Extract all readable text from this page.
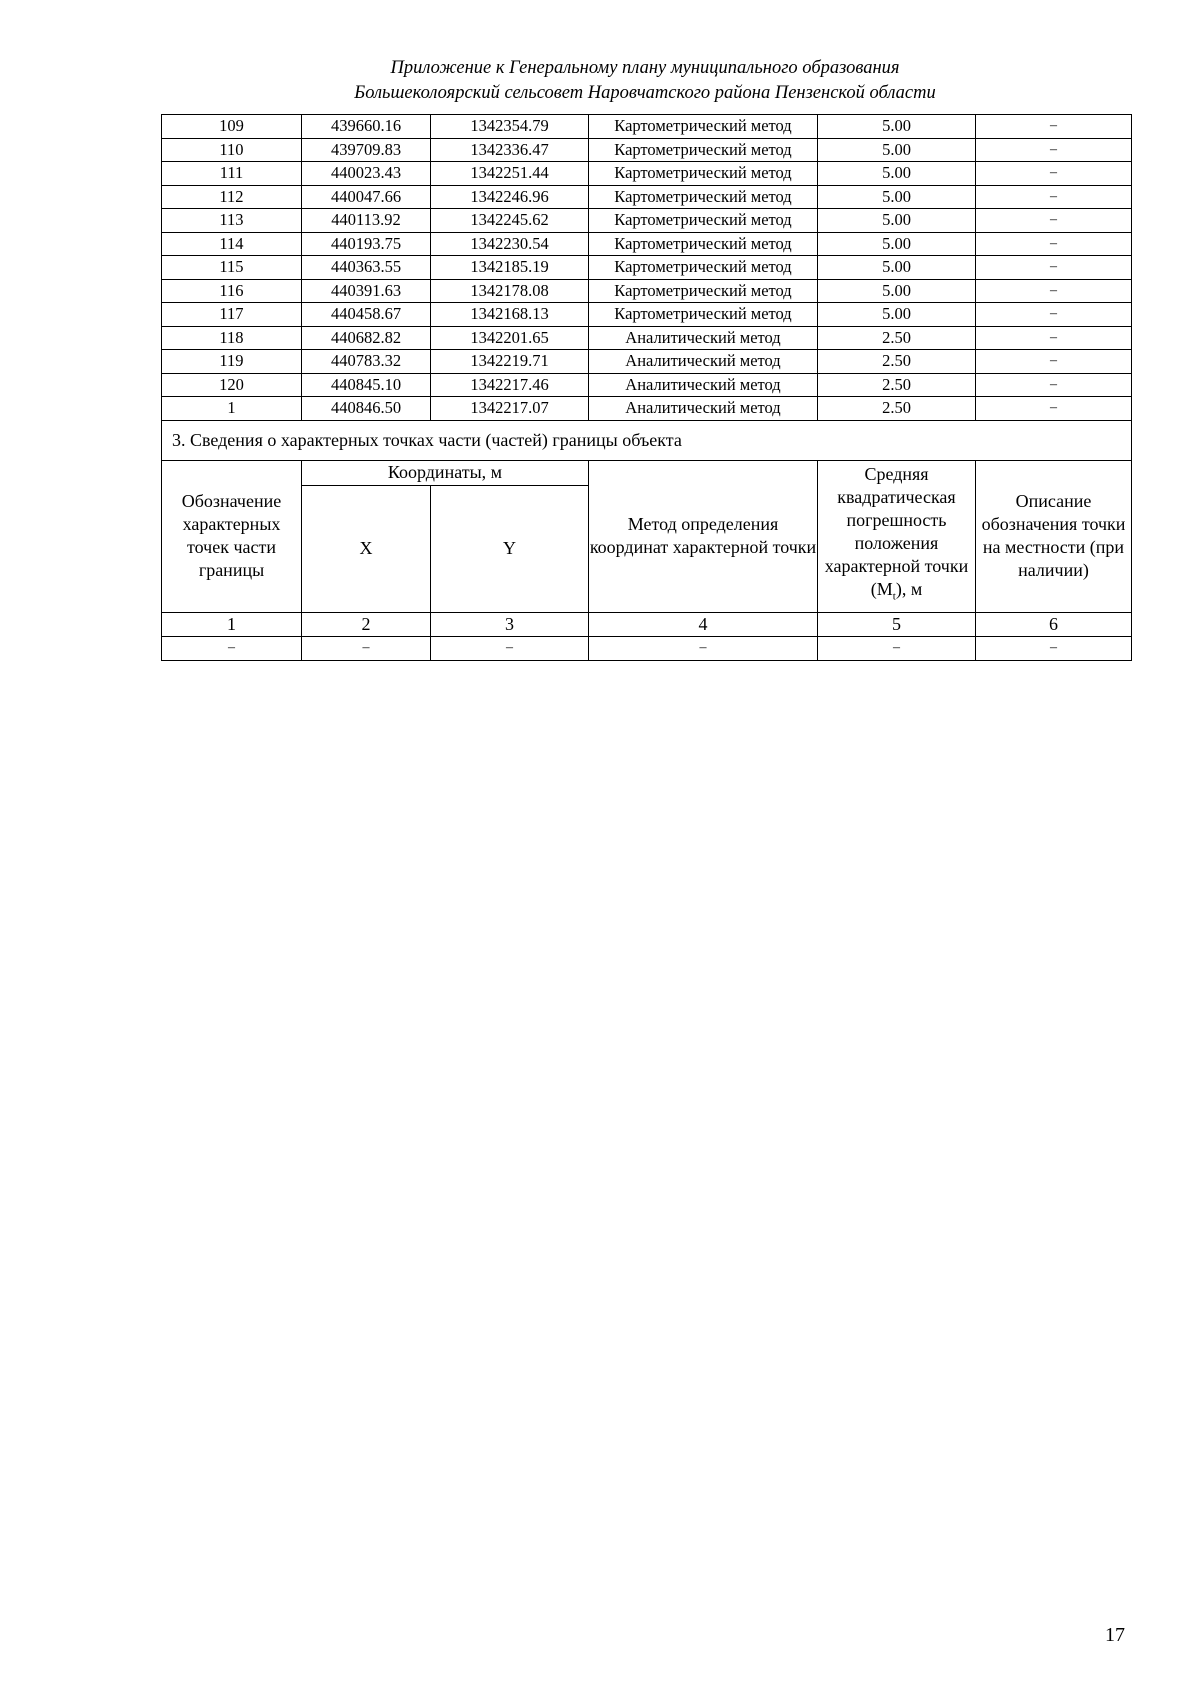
Приложение к Генеральному плану муниципального образования
Большеколоярский сельсовет Наровчатского района Пензенской области
109	439660.16	1342354.79	Картометрический метод	5.00	–
110	439709.83	1342336.47	Картометрический метод	5.00	–
111	440023.43	1342251.44	Картометрический метод	5.00	–
112	440047.66	1342246.96	Картометрический метод	5.00	–
113	440113.92	1342245.62	Картометрический метод	5.00	–
114	440193.75	1342230.54	Картометрический метод	5.00	–
115	440363.55	1342185.19	Картометрический метод	5.00	–
116	440391.63	1342178.08	Картометрический метод	5.00	–
117	440458.67	1342168.13	Картометрический метод	5.00	–
118	440682.82	1342201.65	Аналитический метод	2.50	–
119	440783.32	1342219.71	Аналитический метод	2.50	–
120	440845.10	1342217.46	Аналитический метод	2.50	–
1	440846.50	1342217.07	Аналитический метод	2.50	–
3. Сведения о характерных точках части (частей) границы объекта					
Обозначение характерных точек части границы	Координаты, м		Метод определения координат характерной точки	Средняя квадратическая погрешность положения характерной точки $(M_t)$, м	Описание обозначения точки на местности (при наличии)
	X	Y			
1	2	3	4	5	6
–	–	–	–	–	–
17
